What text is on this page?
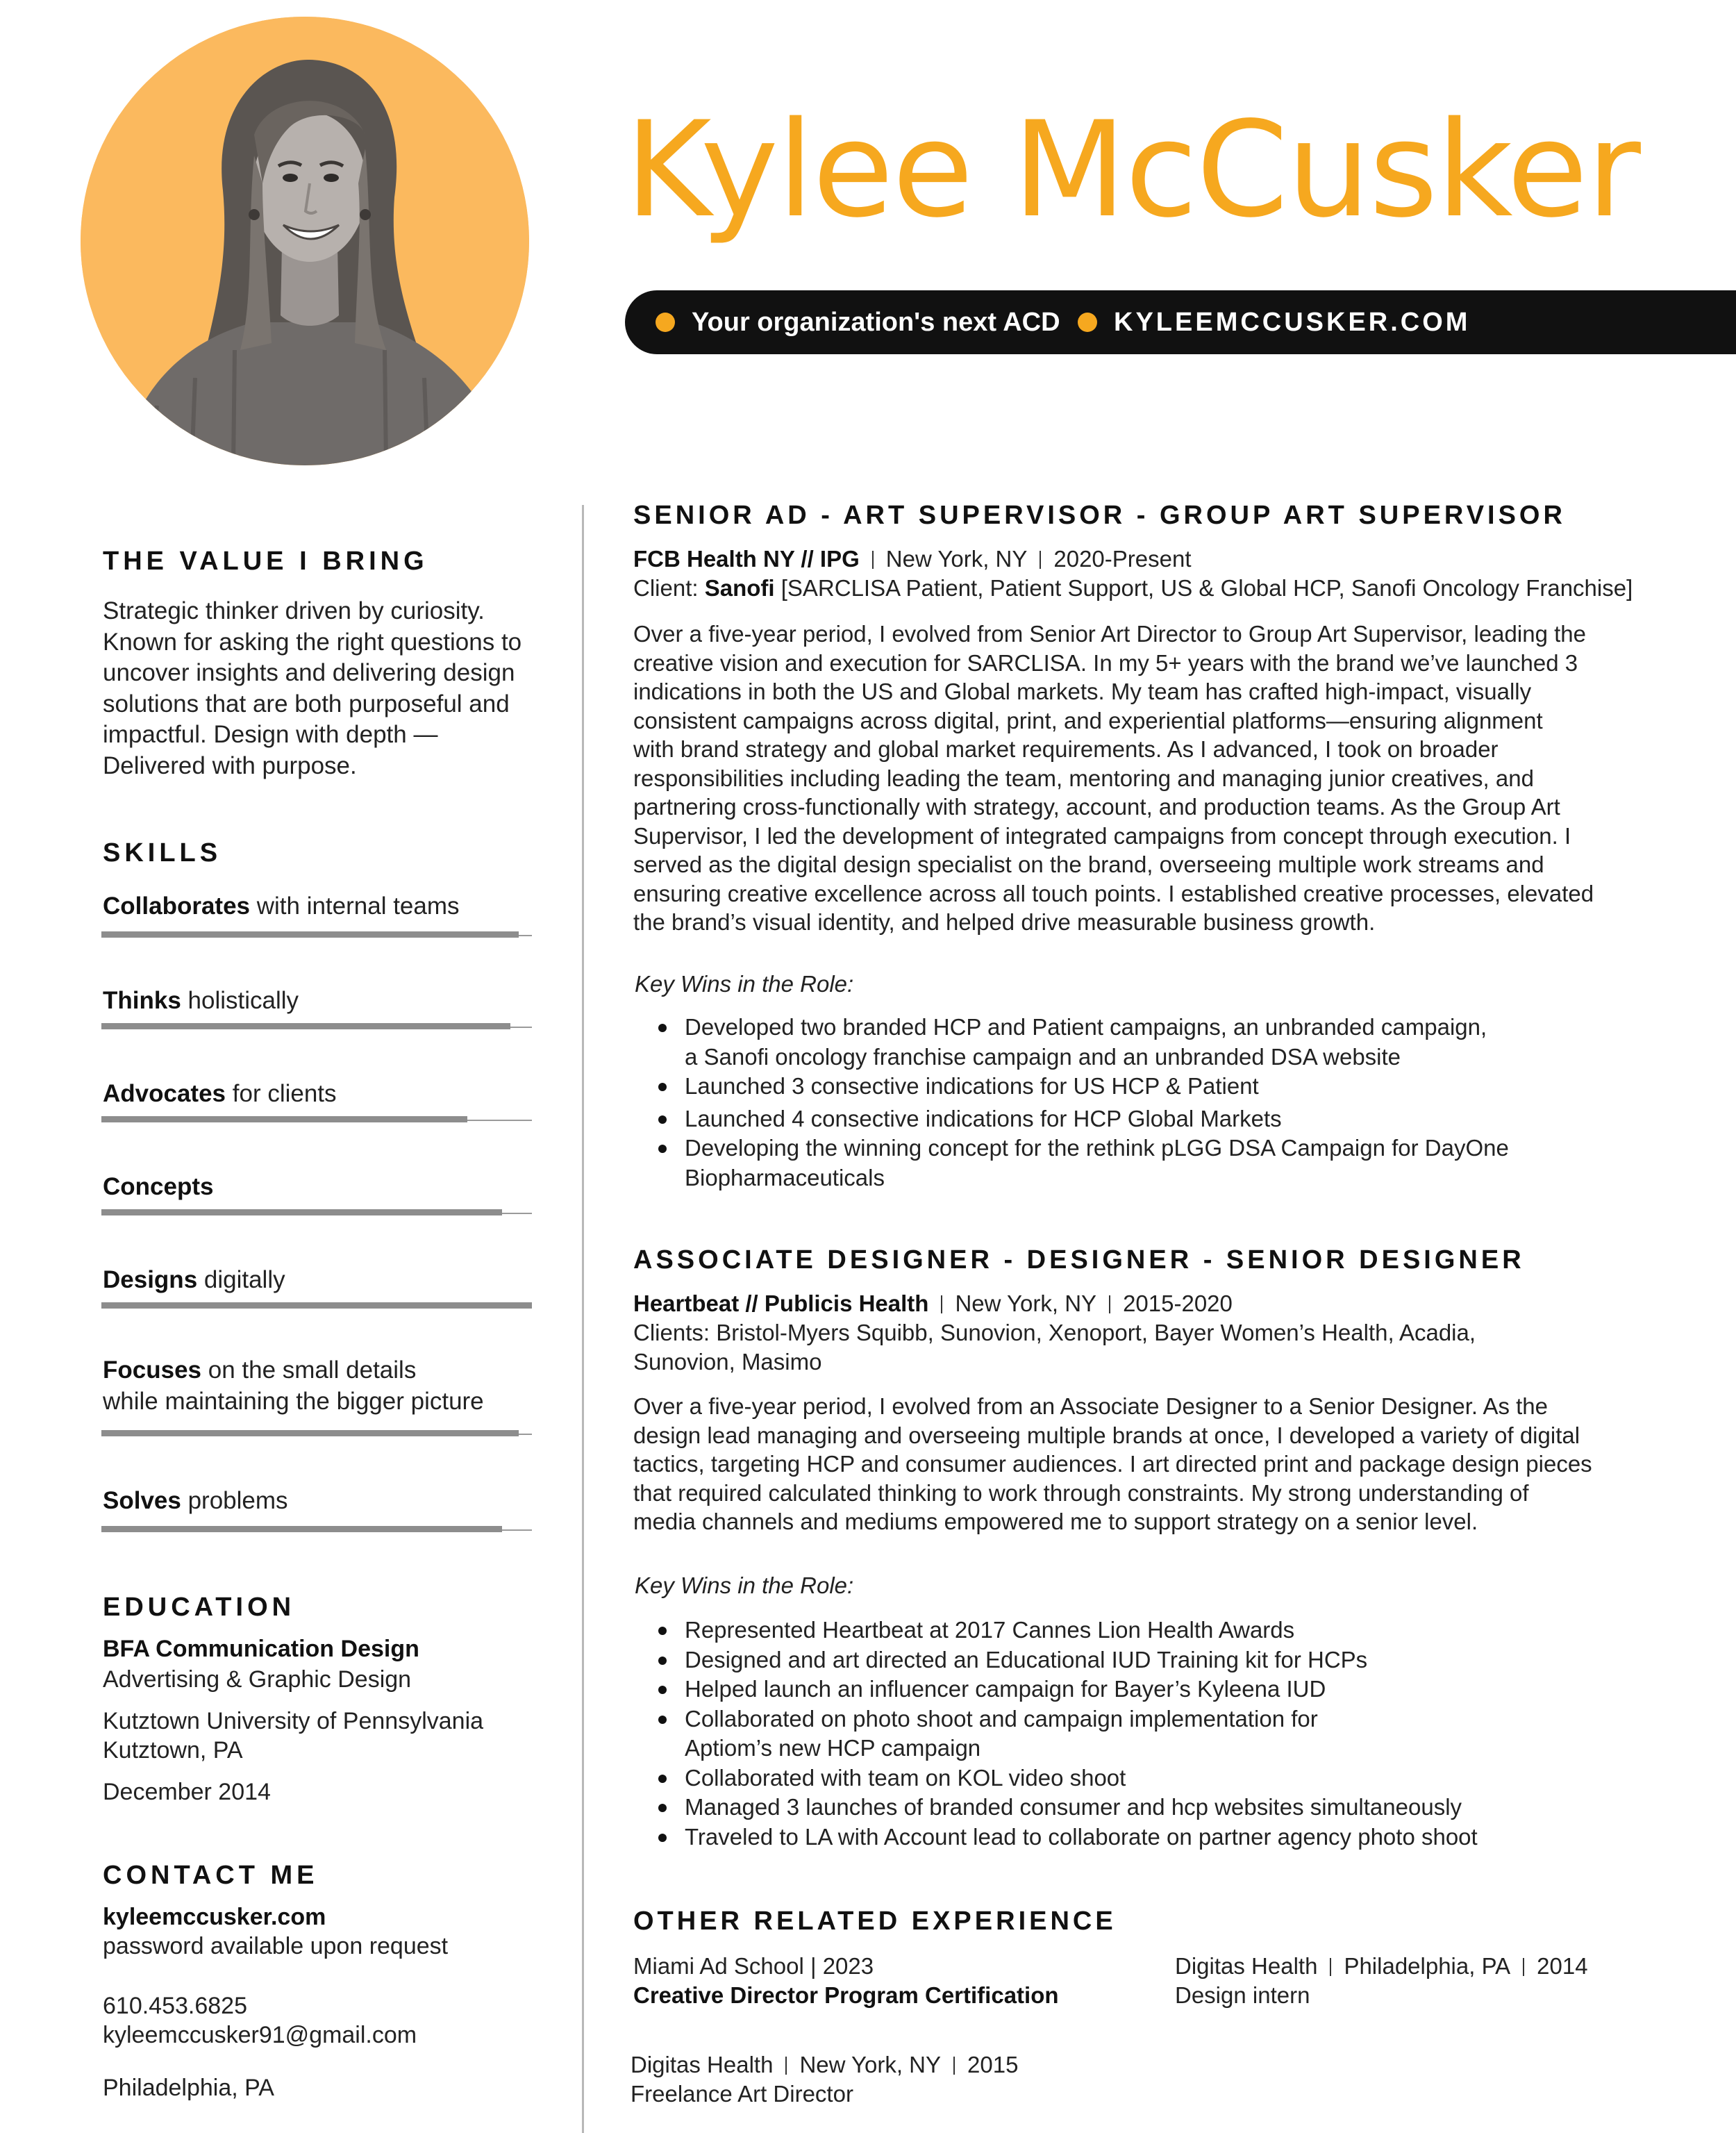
Kylee McCusker
Your organization's next ACD KYLEEMCCUSKER.COM
THE VALUE I BRING
Strategic thinker driven by curiosity.
Known for asking the right questions to
uncover insights and delivering design
solutions that are both purposeful and
impactful. Design with depth —
Delivered with purpose.
SKILLS
Collaborates with internal teams
Thinks holistically
Advocates for clients
Concepts
Designs digitally
Focuses on the small details
while maintaining the bigger picture
Solves problems
EDUCATION
BFA Communication Design
Advertising & Graphic Design
Kutztown University of Pennsylvania
Kutztown, PA
December 2014
CONTACT ME
kyleemccusker.com
password available upon request
610.453.6825
kyleemccusker91@gmail.com
Philadelphia, PA
SENIOR AD - ART SUPERVISOR - GROUP ART SUPERVISOR
FCB Health NY // IPG New York, NY 2020-Present
Client: Sanofi [SARCLISA Patient, Patient Support, US & Global HCP, Sanofi Oncology Franchise]

Over a five-year period, I evolved from Senior Art Director to Group Art Supervisor, leading the

creative vision and execution for SARCLISA. In my 5+ years with the brand we’ve launched 3

indications in both the US and Global markets. My team has crafted high-impact, visually

consistent campaigns across digital, print, and experiential platforms—ensuring alignment

with brand strategy and global market requirements. As I advanced, I took on broader

responsibilities including leading the team, mentoring and managing junior creatives, and

partnering cross-functionally with strategy, account, and production teams. As the Group Art

Supervisor, I led the development of integrated campaigns from concept through execution. I

served as the digital design specialist on the brand, overseeing multiple work streams and

ensuring creative excellence across all touch points. I established creative processes, elevated

the brand’s visual identity, and helped drive measurable business growth.

Key Wins in the Role:
Developed two branded HCP and Patient campaigns, an unbranded campaign,
a Sanofi oncology franchise campaign and an unbranded DSA website
Launched 3 consective indications for US HCP & Patient
Launched 4 consective indications for HCP Global Markets
Developing the winning concept for the rethink pLGG DSA Campaign for DayOne
Biopharmaceuticals
ASSOCIATE DESIGNER - DESIGNER - SENIOR DESIGNER
Heartbeat // Publicis Health New York, NY 2015-2020
Clients: Bristol-Myers Squibb, Sunovion, Xenoport, Bayer Women’s Health, Acadia,
Sunovion, Masimo

Over a five-year period, I evolved from an Associate Designer to a Senior Designer. As the

design lead managing and overseeing multiple brands at once, I developed a variety of digital

tactics, targeting HCP and consumer audiences. I art directed print and package design pieces

that required calculated thinking to work through constraints. My strong understanding of

media channels and mediums empowered me to support strategy on a senior level.

Key Wins in the Role:
Represented Heartbeat at 2017 Cannes Lion Health Awards
Designed and art directed an Educational IUD Training kit for HCPs
Helped launch an influencer campaign for Bayer’s Kyleena IUD
Collaborated on photo shoot and campaign implementation for
Aptiom’s new HCP campaign
Collaborated with team on KOL video shoot
Managed 3 launches of branded consumer and hcp websites simultaneously
Traveled to LA with Account lead to collaborate on partner agency photo shoot
OTHER RELATED EXPERIENCE
Miami Ad School | 2023
Creative Director Program Certification
Digitas Health Philadelphia, PA 2014
Design intern
Digitas Health New York, NY 2015
Freelance Art Director
